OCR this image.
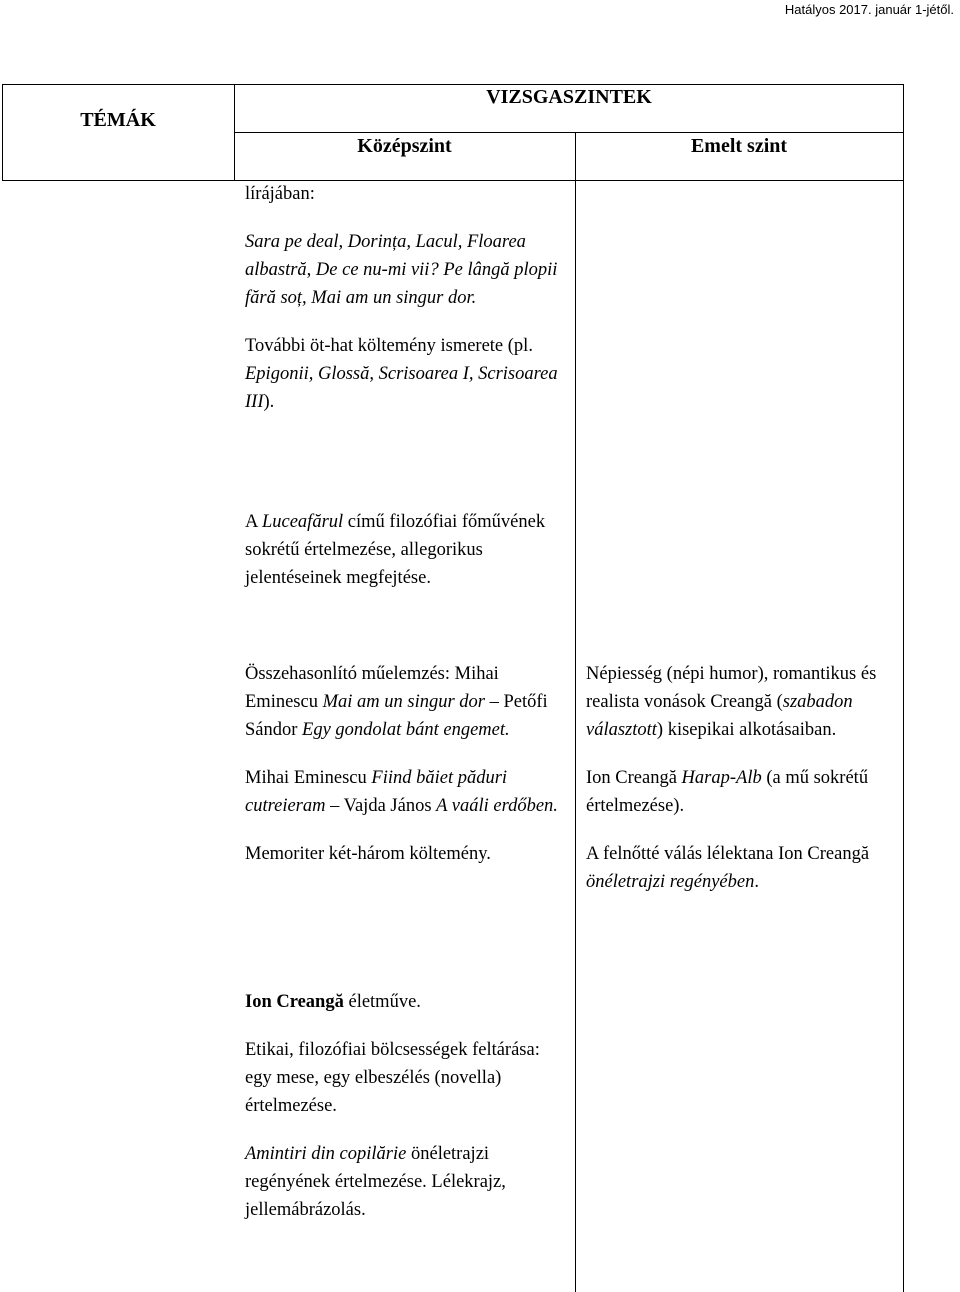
Hatályos 2017. január 1-jétől.
TÉMÁK
VIZSGASZINTEK
Középszint	Emelt szint

lírájában:

Sara pe deal, Dorința, Lacul, Floarea albastră, De ce nu-mi vii? Pe lângă plopii fără soț, Mai am un singur dor.

További öt-hat költemény ismerete (pl. Epigonii, Glossă, Scrisoarea I, Scrisoarea III).

A Luceafărul című filozófiai főművének sokrétű értelmezése, allegorikus jelentéseinek megfejtése.

Összehasonlító műelemzés: Mihai Eminescu Mai am un singur dor – Petőfi Sándor Egy gondolat bánt engemet.

Mihai Eminescu Fiind băiet păduri cutreieram – Vajda János A vaáli erdőben.

Memoriter két-három költemény.

Népiesség (népi humor), romantikus és realista vonások Creangă (szabadon választott) kisepikai alkotásaiban.

Ion Creangă Harap-Alb (a mű sokrétű értelmezése).

A felnőtté válás lélektana Ion Creangă önéletrajzi regényében.

Ion Creangă életműve.

Etikai, filozófiai bölcsességek feltárása: egy mese, egy elbeszélés (novella) értelmezése.

Amintiri din copilărie önéletrajzi regényének értelmezése. Lélekrajz, jellemábrázolás.
